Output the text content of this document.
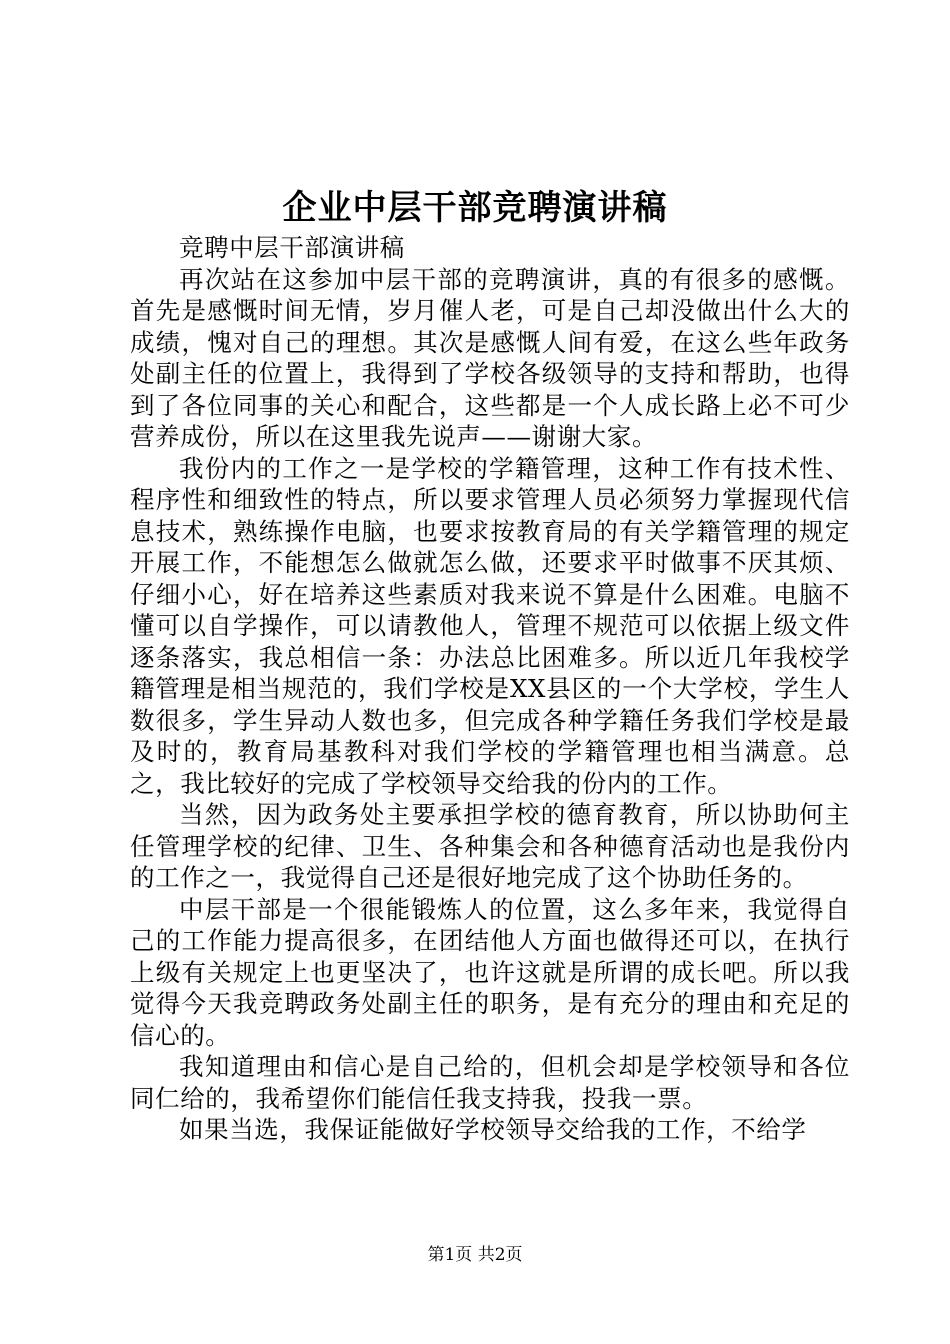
企业中层干部竞聘演讲稿

竞聘中层干部演讲稿

再次站在这参加中层干部的竞聘演讲，真的有很多的感慨。首先是感慨时间无情，岁月催人老，可是自己却没做出什么大的成绩，愧对自己的理想。其次是感慨人间有爱，在这么些年政务处副主任的位置上，我得到了学校各级领导的支持和帮助，也得到了各位同事的关心和配合，这些都是一个人成长路上必不可少营养成份，所以在这里我先说声——谢谢大家。

我份内的工作之一是学校的学籍管理，这种工作有技术性、程序性和细致性的特点，所以要求管理人员必须努力掌握现代信息技术，熟练操作电脑，也要求按教育局的有关学籍管理的规定开展工作，不能想怎么做就怎么做，还要求平时做事不厌其烦、仔细小心，好在培养这些素质对我来说不算是什么困难。电脑不懂可以自学操作，可以请教他人，管理不规范可以依据上级文件逐条落实，我总相信一条：办法总比困难多。所以近几年我校学籍管理是相当规范的，我们学校是XX县区的一个大学校，学生人数很多，学生异动人数也多，但完成各种学籍任务我们学校是最及时的，教育局基教科对我们学校的学籍管理也相当满意。总之，我比较好的完成了学校领导交给我的份内的工作。

当然，因为政务处主要承担学校的德育教育，所以协助何主任管理学校的纪律、卫生、各种集会和各种德育活动也是我份内的工作之一，我觉得自己还是很好地完成了这个协助任务的。

中层干部是一个很能锻炼人的位置，这么多年来，我觉得自己的工作能力提高很多，在团结他人方面也做得还可以，在执行上级有关规定上也更坚决了，也许这就是所谓的成长吧。所以我觉得今天我竞聘政务处副主任的职务，是有充分的理由和充足的信心的。

我知道理由和信心是自己给的，但机会却是学校领导和各位同仁给的，我希望你们能信任我支持我，投我一票。

如果当选，我保证能做好学校领导交给我的工作，不给学

第1页 共2页
